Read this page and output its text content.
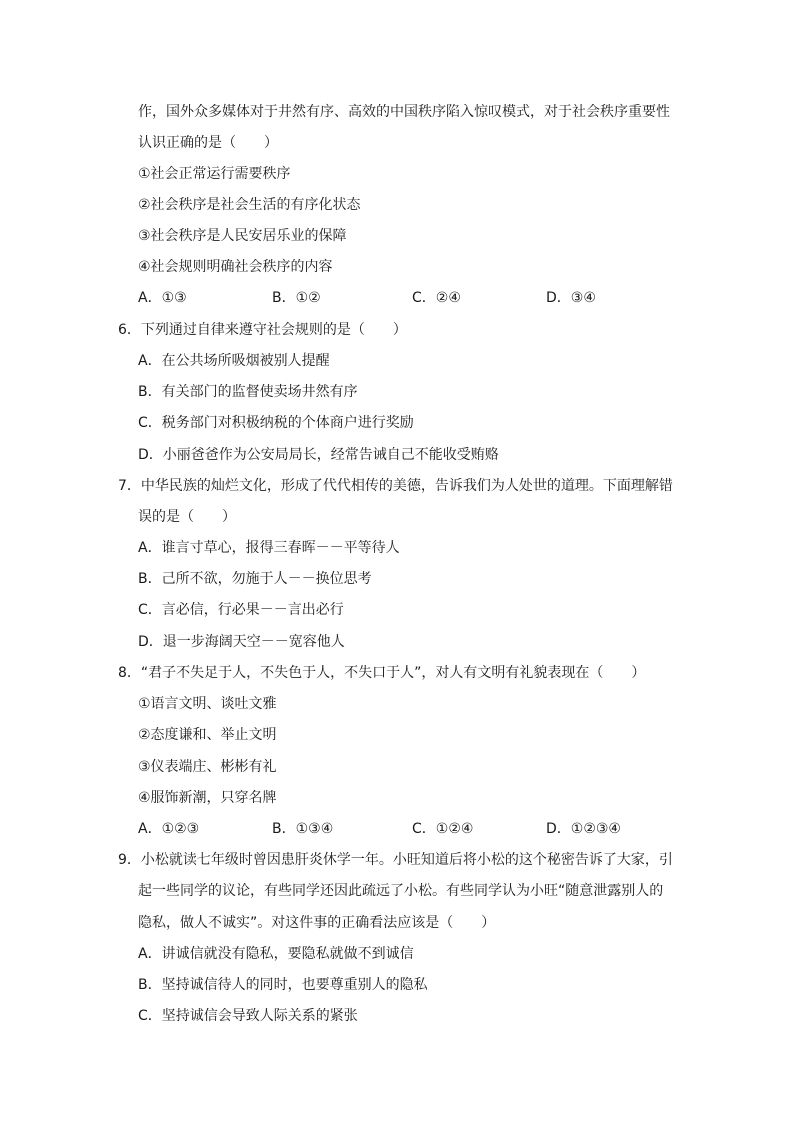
作，国外众多媒体对于井然有序、高效的中国秩序陷入惊叹模式，对于社会秩序重要性
认识正确的是（　　）
①社会正常运行需要秩序
②社会秩序是社会生活的有序化状态
③社会秩序是人民安居乐业的保障
④社会规则明确社会秩序的内容
A．①③	B．①②	C．②④	D．③④
6．下列通过自律来遵守社会规则的是（　　）
A．在公共场所吸烟被别人提醒
B．有关部门的监督使卖场井然有序
C．税务部门对积极纳税的个体商户进行奖励
D．小丽爸爸作为公安局局长，经常告诫自己不能收受贿赂
7．中华民族的灿烂文化，形成了代代相传的美德，告诉我们为人处世的道理。下面理解错
误的是（　　）
A．谁言寸草心，报得三春晖－－平等待人
B．己所不欲，勿施于人－－换位思考
C．言必信，行必果－－言出必行
D．退一步海阔天空－－宽容他人
8．“君子不失足于人，不失色于人，不失口于人”，对人有文明有礼貌表现在（　　）
①语言文明、谈吐文雅
②态度谦和、举止文明
③仪表端庄、彬彬有礼
④服饰新潮，只穿名牌
A．①②③	B．①③④	C．①②④	D．①②③④
9．小松就读七年级时曾因患肝炎休学一年。小旺知道后将小松的这个秘密告诉了大家，引
起一些同学的议论，有些同学还因此疏远了小松。有些同学认为小旺“随意泄露别人的
隐私，做人不诚实”。对这件事的正确看法应该是（　　）
A．讲诚信就没有隐私，要隐私就做不到诚信
B．坚持诚信待人的同时，也要尊重别人的隐私
C．坚持诚信会导致人际关系的紧张
